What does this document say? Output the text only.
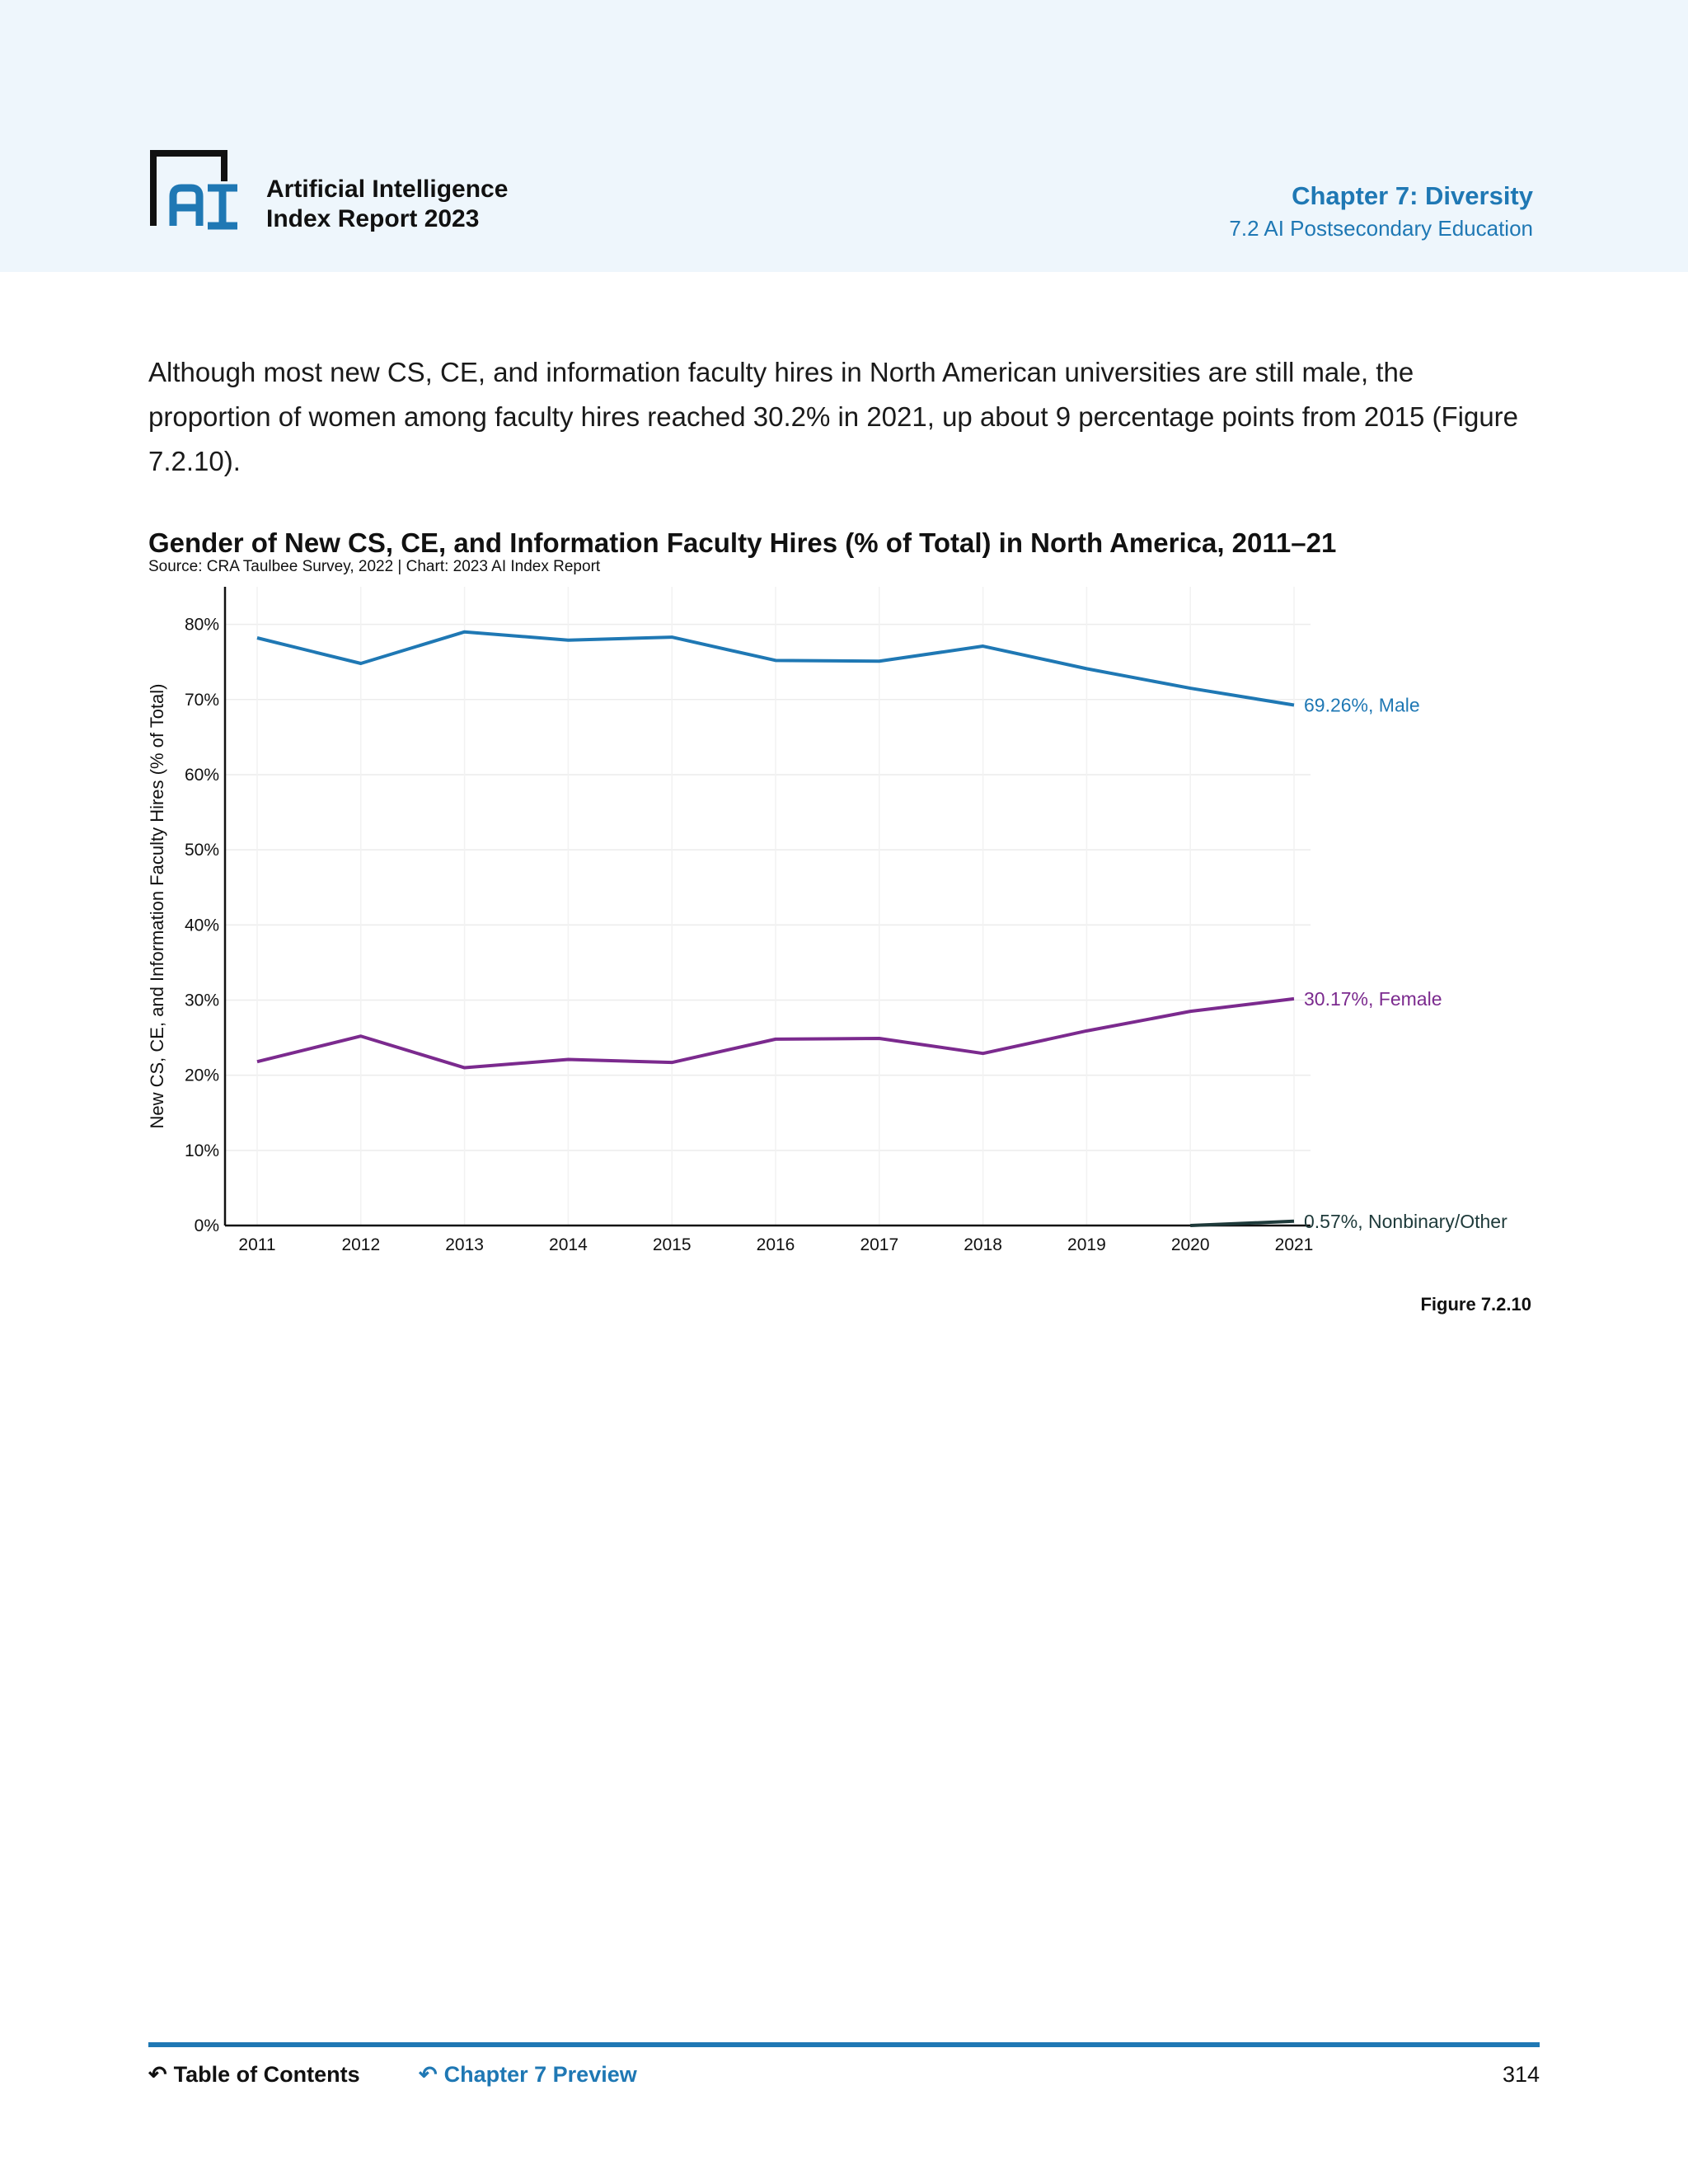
Artificial Intelligence
Index Report 2023
Chapter 7: Diversity
7.2 AI Postsecondary Education
Although most new CS, CE, and information faculty hires in North American universities are still male, the proportion of women among faculty hires reached 30.2% in 2021, up about 9 percentage points from 2015 (Figure 7.2.10).
Gender of New CS, CE, and Information Faculty Hires (% of Total) in North America, 2011–21
Source: CRA Taulbee Survey, 2022 | Chart: 2023 AI Index Report
0%
10%
20%
30%
40%
50%
60%
70%
80%
2011	2012	2013	2014	2015	2016	2017	2018	2019	2020	2021
New CS, CE, and Information Faculty Hires (% of Total)	69.26%, Male
30.17%, Female
0.57%, Nonbinary/Other
Figure 7.2.10
↶ Table of Contents	↶ Chapter 7 Preview	314
